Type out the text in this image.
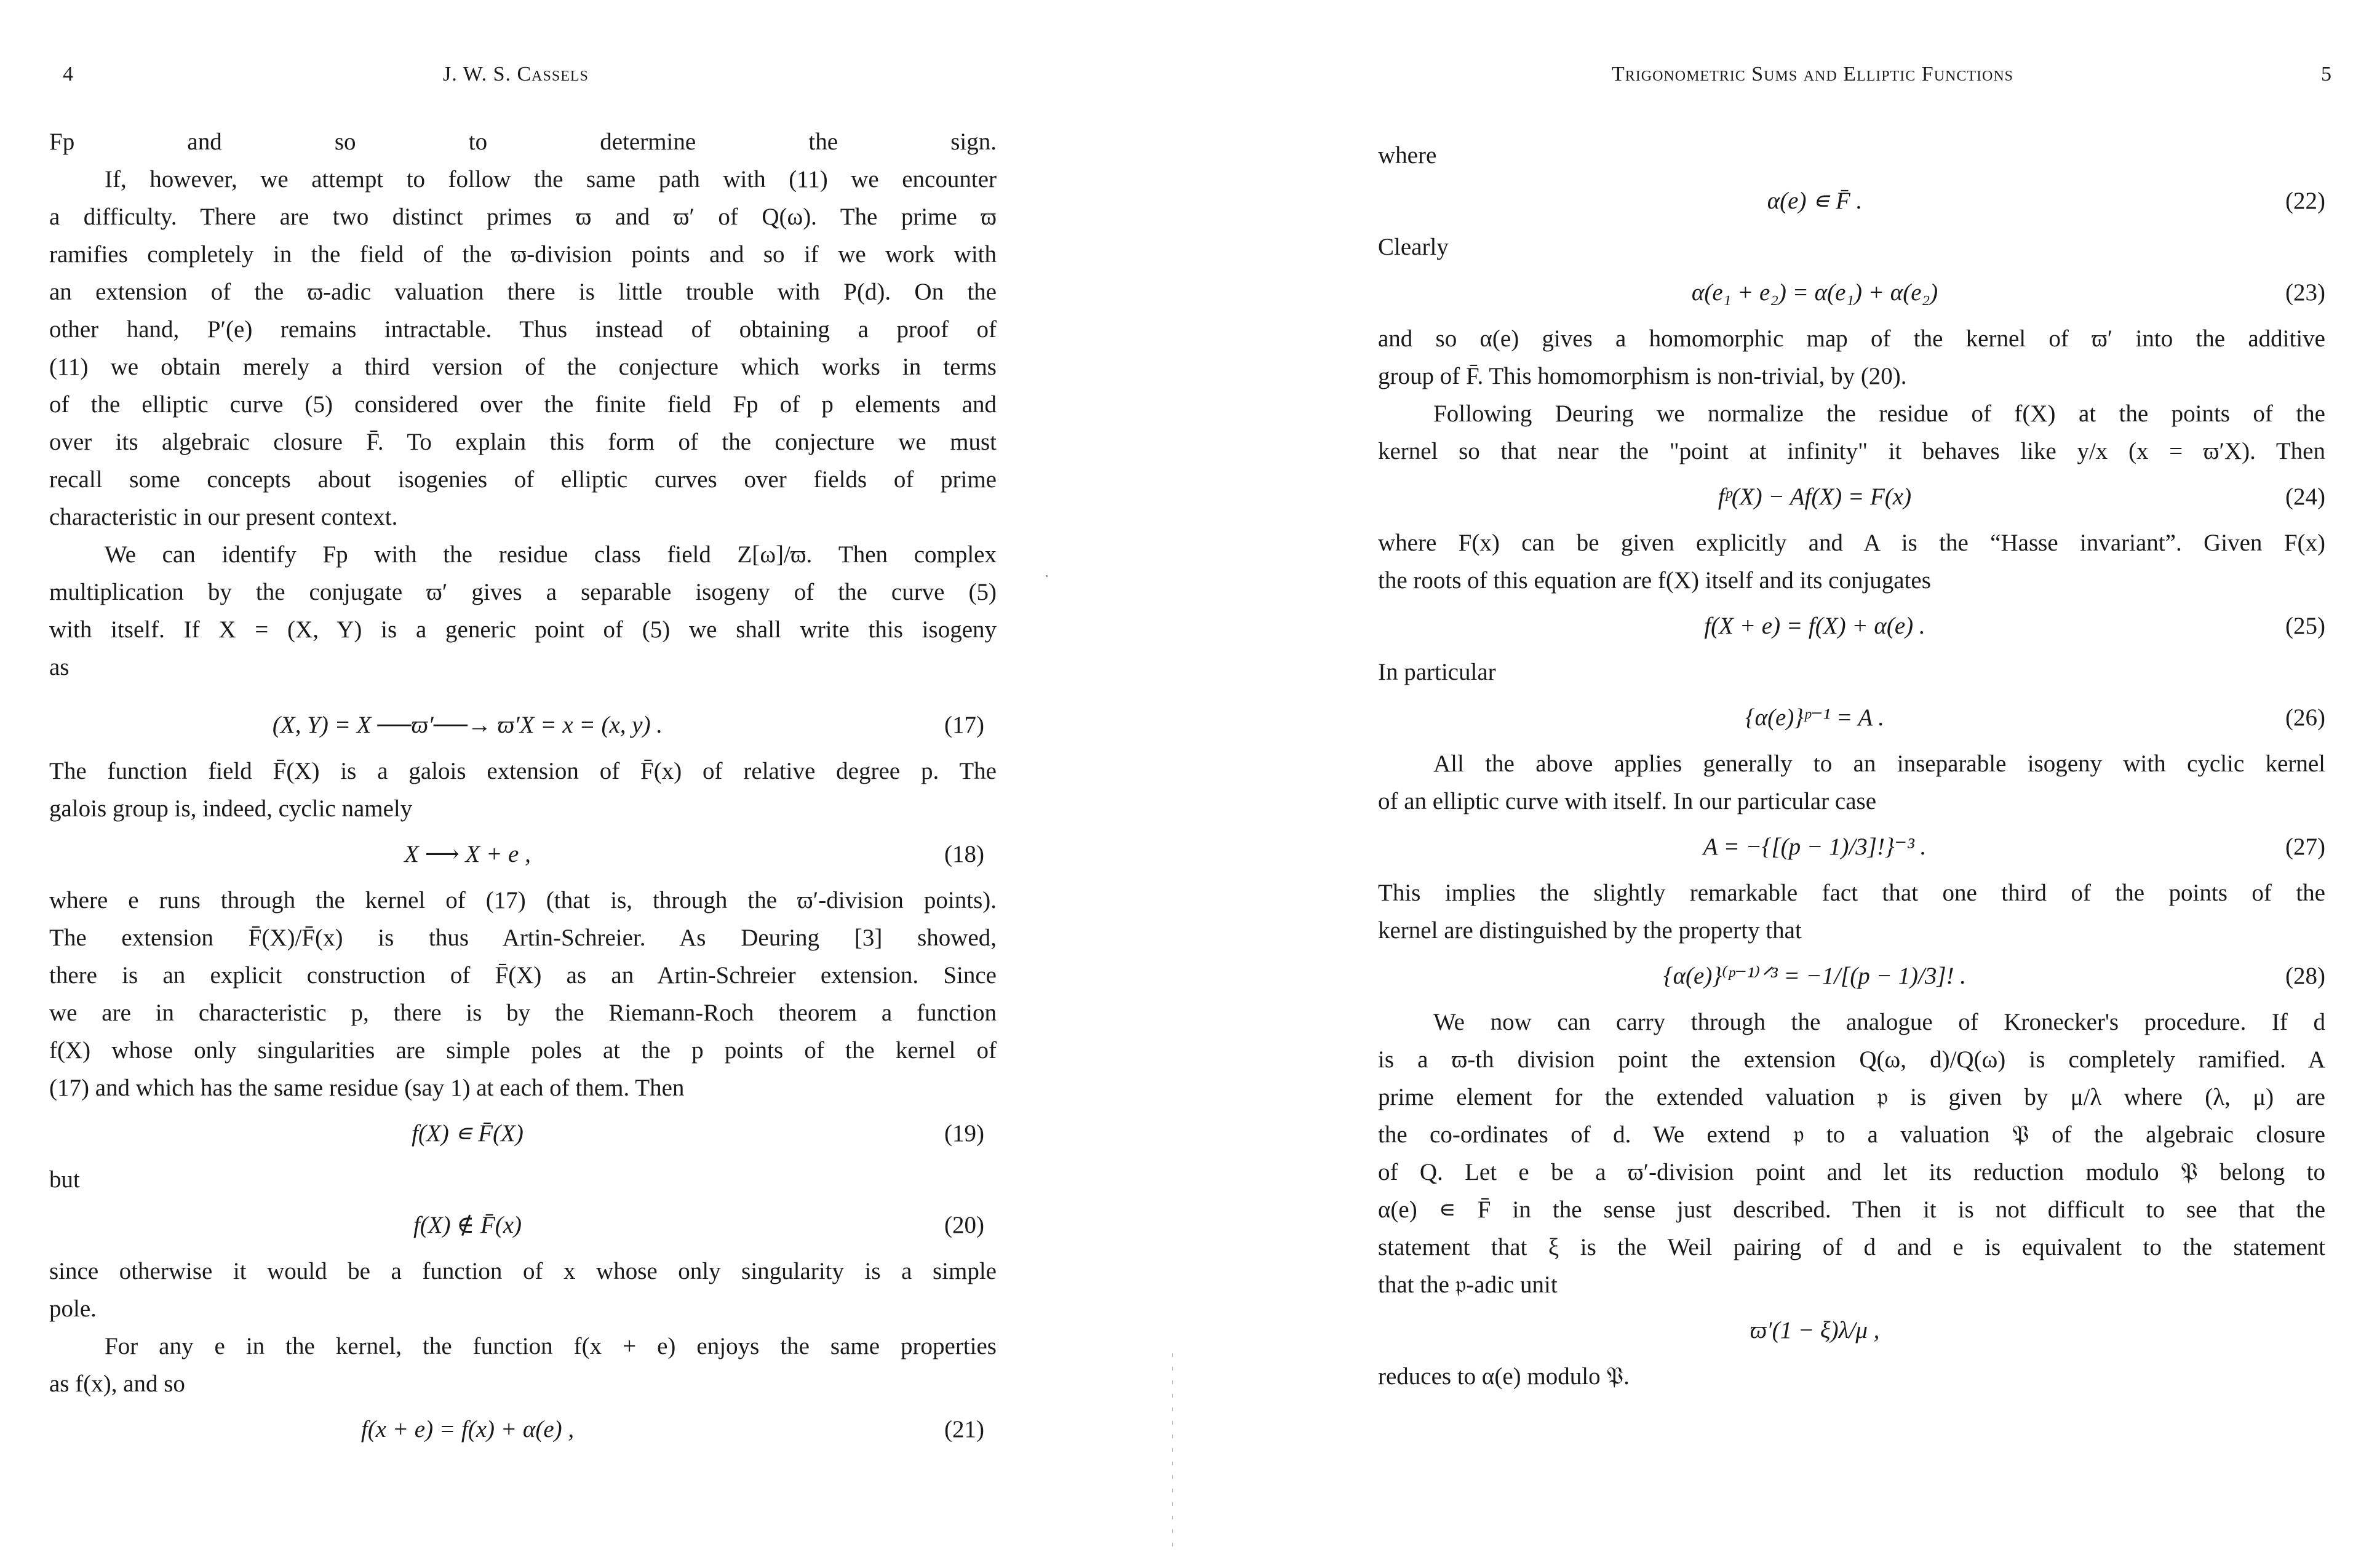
4	J. W. S. Cassels
Fp and so to determine the sign.
If, however, we attempt to follow the same path with (11) we encounter
a difficulty. There are two distinct primes ϖ and ϖ′ of Q(ω). The prime ϖ
ramifies completely in the field of the ϖ-division points and so if we work with
an extension of the ϖ-adic valuation there is little trouble with P(d). On the
other hand, P′(e) remains intractable. Thus instead of obtaining a proof of
(11) we obtain merely a third version of the conjecture which works in terms
of the elliptic curve (5) considered over the finite field Fp of p elements and
over its algebraic closure F̄. To explain this form of the conjecture we must
recall some concepts about isogenies of elliptic curves over fields of prime
characteristic in our present context.
We can identify Fp with the residue class field Z[ω]/ϖ. Then complex
multiplication by the conjugate ϖ′ gives a separable isogeny of the curve (5)
with itself. If X = (X, Y) is a generic point of (5) we shall write this isogeny
as
(X, Y) = X ──ϖ′──→ ϖ′X = x = (x, y) .	(17)
The function field F̄(X) is a galois extension of F̄(x) of relative degree p. The
galois group is, indeed, cyclic namely
X ⟶ X + e ,	(18)
where e runs through the kernel of (17) (that is, through the ϖ′-division points).
The extension F̄(X)/F̄(x) is thus Artin-Schreier. As Deuring [3] showed,
there is an explicit construction of F̄(X) as an Artin-Schreier extension. Since
we are in characteristic p, there is by the Riemann-Roch theorem a function
f(X) whose only singularities are simple poles at the p points of the kernel of
(17) and which has the same residue (say 1) at each of them. Then
f(X) ∊ F̄(X)	(19)
but
f(X) ∉ F̄(x)	(20)
since otherwise it would be a function of x whose only singularity is a simple
pole.
For any e in the kernel, the function f(x + e) enjoys the same properties
as f(x), and so
f(x + e) = f(x) + α(e) ,	(21)
Trigonometric Sums and Elliptic Functions	5
where
α(e) ∊ F̄ .	(22)
Clearly
α(e₁ + e₂) = α(e₁) + α(e₂)	(23)
and so α(e) gives a homomorphic map of the kernel of ϖ′ into the additive
group of F̄. This homomorphism is non-trivial, by (20).
Following Deuring we normalize the residue of f(X) at the points of the
kernel so that near the "point at infinity" it behaves like y/x (x = ϖ′X). Then
fᵖ(X) − Af(X) = F(x)	(24)
where F(x) can be given explicitly and A is the “Hasse invariant”. Given F(x)
the roots of this equation are f(X) itself and its conjugates
f(X + e) = f(X) + α(e) .	(25)
In particular
{α(e)}ᵖ⁻¹ = A .	(26)
All the above applies generally to an inseparable isogeny with cyclic kernel
of an elliptic curve with itself. In our particular case
A = −{[(p − 1)/3]!}⁻³ .	(27)
This implies the slightly remarkable fact that one third of the points of the
kernel are distinguished by the property that
{α(e)}⁽ᵖ⁻¹⁾ᐟ³ = −1/[(p − 1)/3]! .	(28)
We now can carry through the analogue of Kronecker's procedure. If d
is a ϖ-th division point the extension Q(ω, d)/Q(ω) is completely ramified. A
prime element for the extended valuation 𝔭 is given by μ/λ where (λ, μ) are
the co-ordinates of d. We extend 𝔭 to a valuation 𝔓 of the algebraic closure
of Q. Let e be a ϖ′-division point and let its reduction modulo 𝔓 belong to
α(e) ∊ F̄ in the sense just described. Then it is not difficult to see that the
statement that ξ is the Weil pairing of d and e is equivalent to the statement
that the 𝔭-adic unit
ϖ′(1 − ξ)λ/μ ,
reduces to α(e) modulo 𝔓.
